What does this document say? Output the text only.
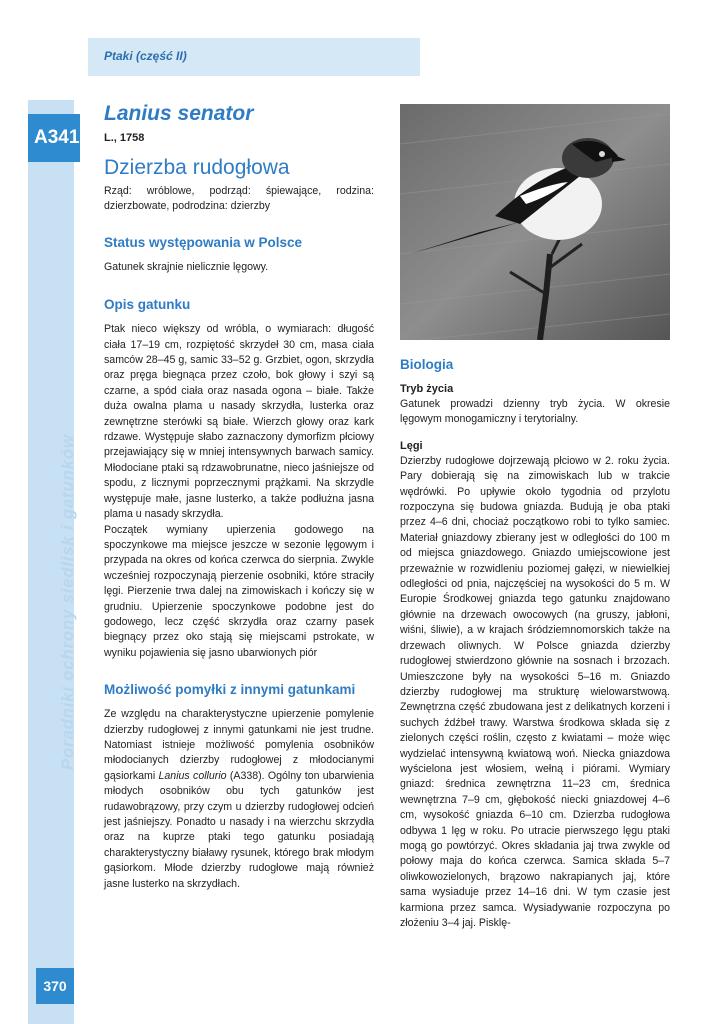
Ptaki (część II)
A341
Poradniki ochrony siedlisk i gatunków
370
Lanius senator
L., 1758
Dzierzba rudogłowa

Rząd: wróblowe, podrząd: śpiewające, rodzina: dzierzbowate, podrodzina: dzierzby

Status występowania w Polsce

Gatunek skrajnie nielicznie lęgowy.

Opis gatunku

Ptak nieco większy od wróbla, o wymiarach: długość ciała 17–19 cm, rozpiętość skrzydeł 30 cm, masa ciała samców 28–45 g, samic 33–52 g. Grzbiet, ogon, skrzydła oraz pręga biegnąca przez czoło, bok głowy i szyi są czarne, a spód ciała oraz nasada ogona – białe. Także duża owalna plama u nasady skrzydła, lusterka oraz zewnętrzne sterówki są białe. Wierzch głowy oraz kark rdzawe. Występuje słabo zaznaczony dymorfizm płciowy przejawiający się w mniej intensywnych barwach samicy. Młodociane ptaki są rdzawobrunatne, nieco jaśniejsze od spodu, z licznymi poprzecznymi prążkami. Na skrzydle występuje małe, jasne lusterko, a także podłużna jasna plama u nasady skrzydła.

Początek wymiany upierzenia godowego na spoczynkowe ma miejsce jeszcze w sezonie lęgowym i przypada na okres od końca czerwca do sierpnia. Zwykle wcześniej rozpoczynają pierzenie osobniki, które straciły lęgi. Pierzenie trwa dalej na zimowiskach i kończy się w grudniu. Upierzenie spoczynkowe podobne jest do godowego, lecz część skrzydła oraz czarny pasek biegnący przez oko stają się miejscami pstrokate, w wyniku pojawienia się jasno ubarwionych piór

Możliwość pomyłki z innymi gatunkami

Ze względu na charakterystyczne upierzenie pomylenie dzierzby rudogłowej z innymi gatunkami nie jest trudne. Natomiast istnieje możliwość pomylenia osobników młodocianych dzierzby rudogłowej z młodocianymi gąsiorkami Lanius collurio (A338). Ogólny ton ubarwienia młodych osobników obu tych gatunków jest rudawobrązowy, przy czym u dzierzby rudogłowej odcień jest jaśniejszy. Ponadto u nasady i na wierzchu skrzydła oraz na kuprze ptaki tego gatunku posiadają charakterystyczny białawy rysunek, którego brak młodym gąsiorkom. Młode dzierzby rudogłowe mają również jasne lusterko na skrzydłach.

Biologia
Tryb życia

Gatunek prowadzi dzienny tryb życia. W okresie lęgowym monogamiczny i terytorialny.

Lęgi

Dzierzby rudogłowe dojrzewają płciowo w 2. roku życia. Pary dobierają się na zimowiskach lub w trakcie wędrówki. Po upływie około tygodnia od przylotu rozpoczyna się budowa gniazda. Budują je oba ptaki przez 4–6 dni, chociaż początkowo robi to tylko samiec. Materiał gniazdowy zbierany jest w odległości do 100 m od miejsca gniazdowego. Gniazdo umiejscowione jest przeważnie w rozwidleniu poziomej gałęzi, w niewielkiej odległości od pnia, najczęściej na wysokości do 5 m. W Europie Środkowej gniazda tego gatunku znajdowano głównie na drzewach owocowych (na gruszy, jabłoni, wiśni, śliwie), a w krajach śródziemnomorskich także na drzewach oliwnych. W Polsce gniazda dzierzby rudogłowej stwierdzono głównie na sosnach i brzozach. Umieszczone były na wysokości 5–16 m. Gniazdo dzierzby rudogłowej ma strukturę wielowarstwową. Zewnętrzna część zbudowana jest z delikatnych korzeni i suchych źdźbeł trawy. Warstwa środkowa składa się z zielonych części roślin, często z kwiatami – może więc wydzielać intensywną kwiatową woń. Niecka gniazdowa wyścielona jest włosiem, wełną i piórami. Wymiary gniazd: średnica zewnętrzna 11–23 cm, średnica wewnętrzna 7–9 cm, głębokość niecki gniazdowej 4–6 cm, wysokość gniazda 6–10 cm. Dzierzba rudogłowa odbywa 1 lęg w roku. Po utracie pierwszego lęgu ptaki mogą go powtórzyć. Okres składania jaj trwa zwykle od połowy maja do końca czerwca. Samica składa 5–7 oliwkowozielonych, brązowo nakrapianych jaj, które sama wysiaduje przez 14–16 dni. W tym czasie jest karmiona przez samca. Wysiadywanie rozpoczyna po złożeniu 3–4 jaj. Pisklę-
